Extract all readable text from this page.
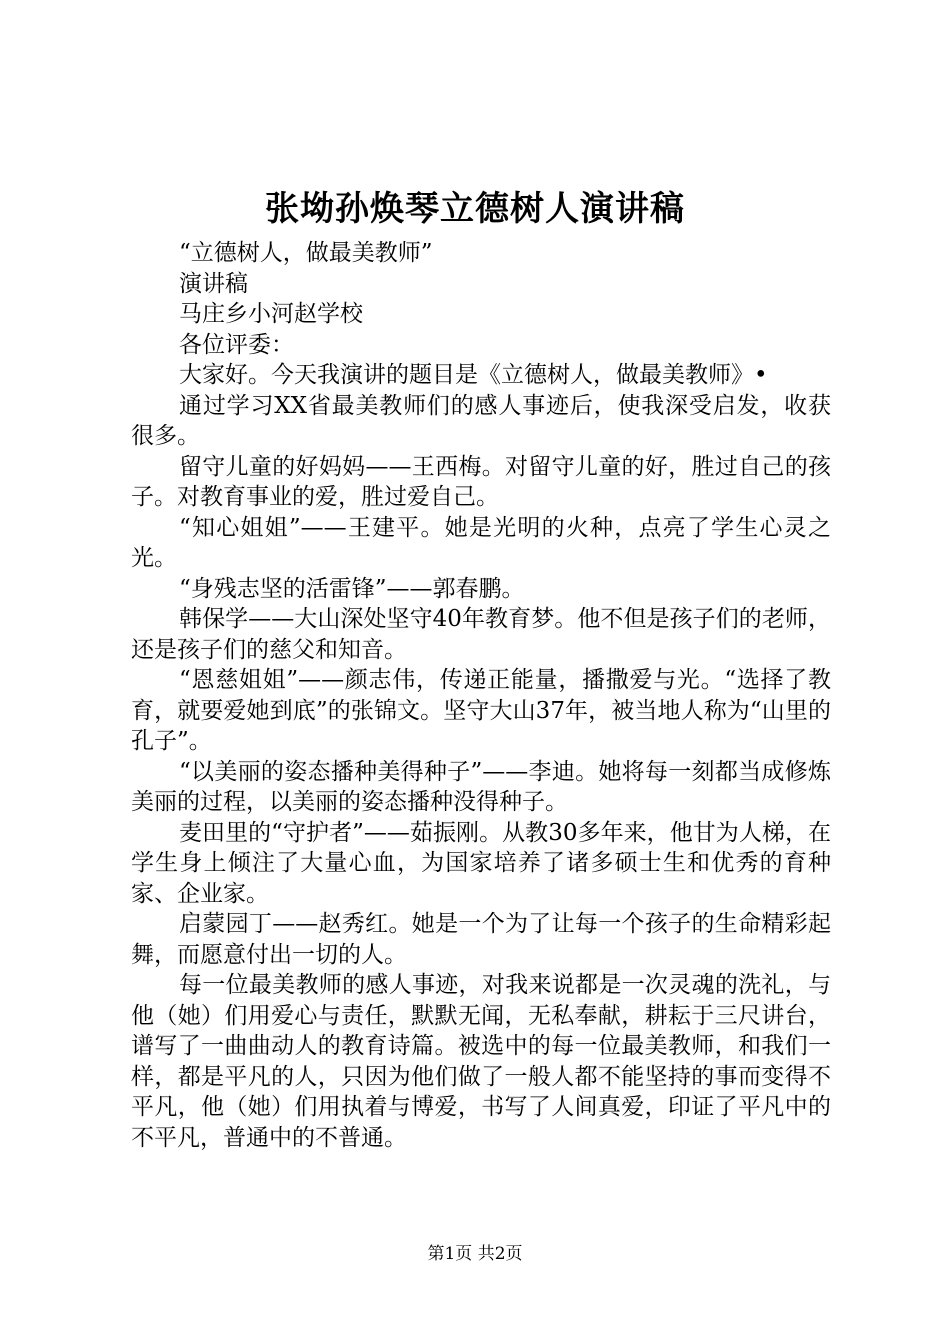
张坳孙焕琴立德树人演讲稿

“立德树人，做最美教师”

演讲稿

马庄乡小河赵学校

各位评委：

大家好。今天我演讲的题目是《立德树人，做最美教师》•

通过学习XX省最美教师们的感人事迹后，使我深受启发，收获很多。

留守儿童的好妈妈——王西梅。对留守儿童的好，胜过自己的孩子。对教育事业的爱，胜过爱自己。

“知心姐姐”——王建平。她是光明的火种，点亮了学生心灵之光。

“身残志坚的活雷锋”——郭春鹏。

韩保学——大山深处坚守40年教育梦。他不但是孩子们的老师，还是孩子们的慈父和知音。

“恩慈姐姐”——颜志伟，传递正能量，播撒爱与光。“选择了教育，就要爱她到底”的张锦文。坚守大山37年，被当地人称为“山里的孔子”。

“以美丽的姿态播种美得种子”——李迪。她将每一刻都当成修炼美丽的过程，以美丽的姿态播种没得种子。

麦田里的“守护者”——茹振刚。从教30多年来，他甘为人梯，在学生身上倾注了大量心血，为国家培养了诸多硕士生和优秀的育种家、企业家。

启蒙园丁——赵秀红。她是一个为了让每一个孩子的生命精彩起舞，而愿意付出一切的人。

每一位最美教师的感人事迹，对我来说都是一次灵魂的洗礼，与他（她）们用爱心与责任，默默无闻，无私奉献，耕耘于三尺讲台，谱写了一曲曲动人的教育诗篇。被选中的每一位最美教师，和我们一样，都是平凡的人，只因为他们做了一般人都不能坚持的事而变得不平凡，他（她）们用执着与博爱，书写了人间真爱，印证了平凡中的不平凡，普通中的不普通。

第1页 共2页
